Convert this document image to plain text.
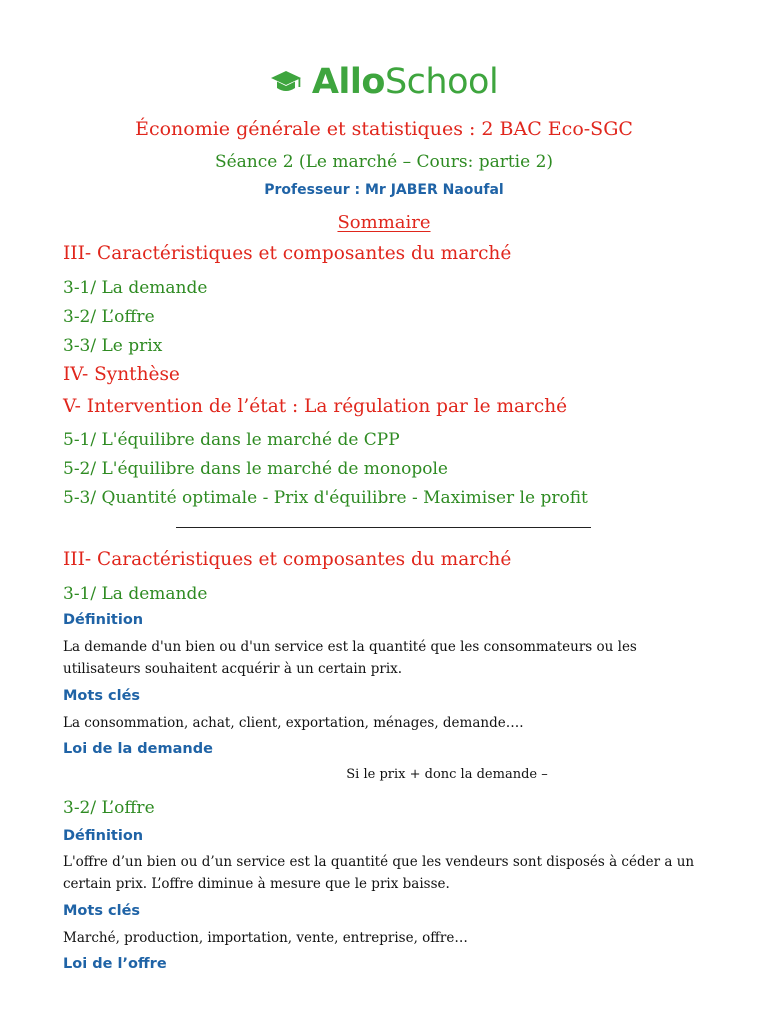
AlloSchool
Économie générale et statistiques : 2 BAC Eco-SGC
Séance 2 (Le marché – Cours: partie 2)
Professeur : Mr JABER Naoufal
Sommaire
III- Caractéristiques et composantes du marché
3-1/ La demande
3-2/ L’offre
3-3/ Le prix
IV- Synthèse
V- Intervention de l’état : La régulation par le marché
5-1/ L'équilibre dans le marché de CPP
5-2/ L'équilibre dans le marché de monopole
5-3/ Quantité optimale - Prix d'équilibre - Maximiser le profit
III- Caractéristiques et composantes du marché
3-1/ La demande
Définition
La demande d'un bien ou d'un service est la quantité que les consommateurs ou les
utilisateurs souhaitent acquérir à un certain prix.
Mots clés
La consommation, achat, client, exportation, ménages, demande….
Loi de la demande
Si le prix + donc la demande –
3-2/ L’offre
Définition
L'offre d’un bien ou d’un service est la quantité que les vendeurs sont disposés à céder a un
certain prix. L’offre diminue à mesure que le prix baisse.
Mots clés
Marché, production, importation, vente, entreprise, offre…
Loi de l’offre
